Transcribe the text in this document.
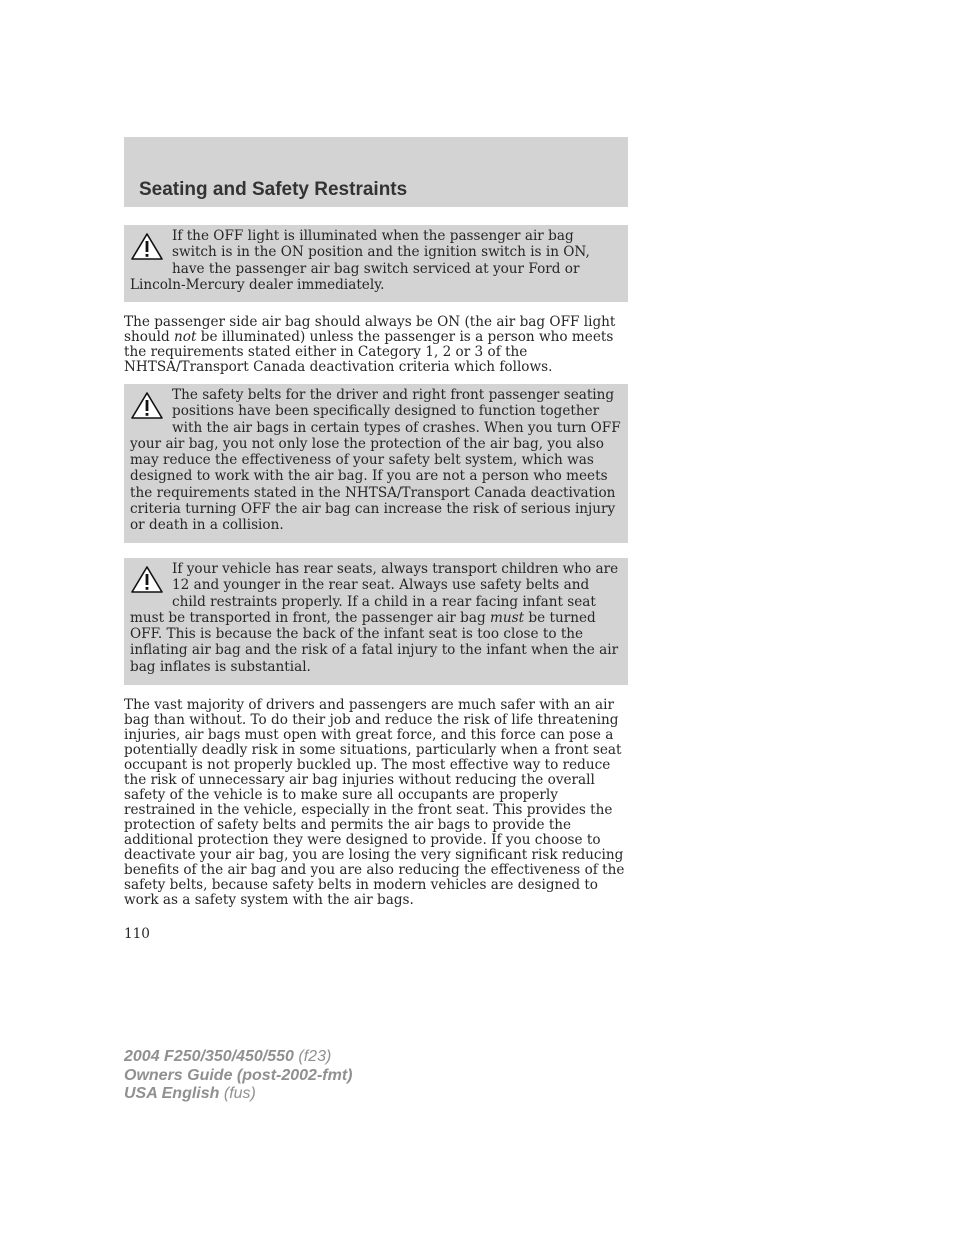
Seating and Safety Restraints
If the OFF light is illuminated when the passenger air bag switch is in the ON position and the ignition switch is in ON, have the passenger air bag switch serviced at your Ford or Lincoln-Mercury dealer immediately.
The passenger side air bag should always be ON (the air bag OFF light should not be illuminated) unless the passenger is a person who meets the requirements stated either in Category 1, 2 or 3 of the NHTSA/Transport Canada deactivation criteria which follows.
The safety belts for the driver and right front passenger seating positions have been specifically designed to function together with the air bags in certain types of crashes. When you turn OFF your air bag, you not only lose the protection of the air bag, you also may reduce the effectiveness of your safety belt system, which was designed to work with the air bag. If you are not a person who meets the requirements stated in the NHTSA/Transport Canada deactivation criteria turning OFF the air bag can increase the risk of serious injury or death in a collision.
If your vehicle has rear seats, always transport children who are 12 and younger in the rear seat. Always use safety belts and child restraints properly. If a child in a rear facing infant seat must be transported in front, the passenger air bag must be turned OFF. This is because the back of the infant seat is too close to the inflating air bag and the risk of a fatal injury to the infant when the air bag inflates is substantial.
The vast majority of drivers and passengers are much safer with an air bag than without. To do their job and reduce the risk of life threatening injuries, air bags must open with great force, and this force can pose a potentially deadly risk in some situations, particularly when a front seat occupant is not properly buckled up. The most effective way to reduce the risk of unnecessary air bag injuries without reducing the overall safety of the vehicle is to make sure all occupants are properly restrained in the vehicle, especially in the front seat. This provides the protection of safety belts and permits the air bags to provide the additional protection they were designed to provide. If you choose to deactivate your air bag, you are losing the very significant risk reducing benefits of the air bag and you are also reducing the effectiveness of the safety belts, because safety belts in modern vehicles are designed to work as a safety system with the air bags.
110
2004 F250/350/450/550 (f23)
Owners Guide (post-2002-fmt)
USA English (fus)
